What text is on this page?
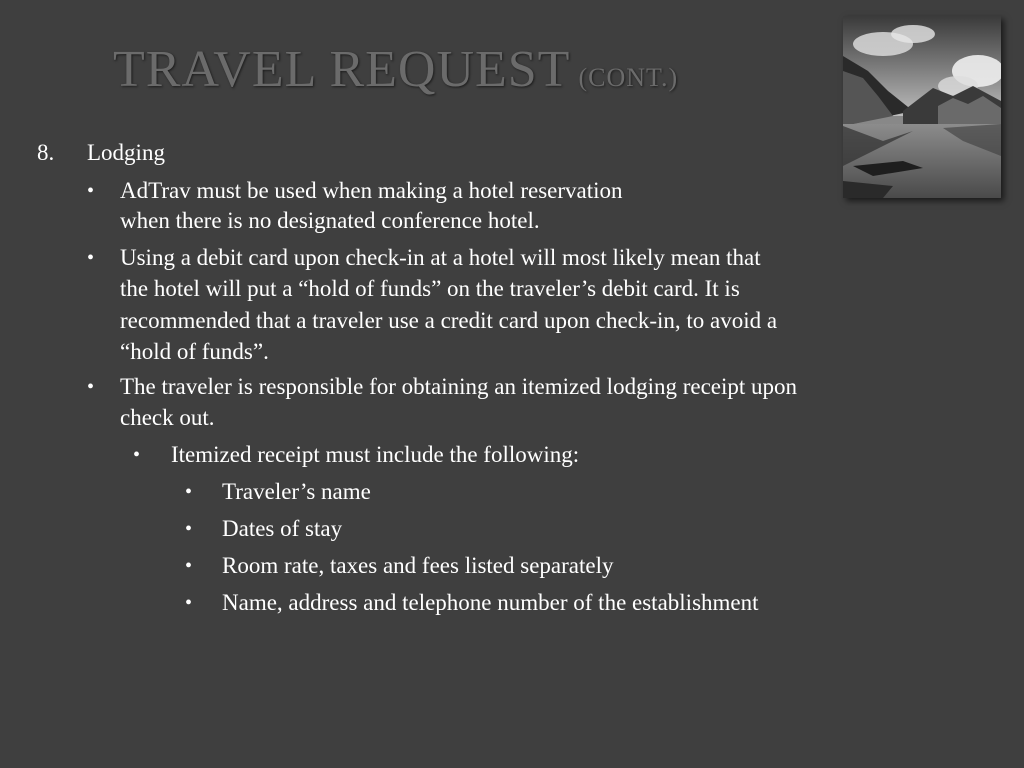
TRAVEL REQUEST (CONT.)
8. Lodging
• AdTrav must be used when making a hotel reservation
when there is no designated conference hotel.
• Using a debit card upon check-in at a hotel will most likely mean that
the hotel will put a “hold of funds” on the traveler’s debit card. It is
recommended that a traveler use a credit card upon check-in, to avoid a
“hold of funds”.
• The traveler is responsible for obtaining an itemized lodging receipt upon
check out.
• Itemized receipt must include the following:
• Traveler’s name
• Dates of stay
• Room rate, taxes and fees listed separately
• Name, address and telephone number of the establishment
